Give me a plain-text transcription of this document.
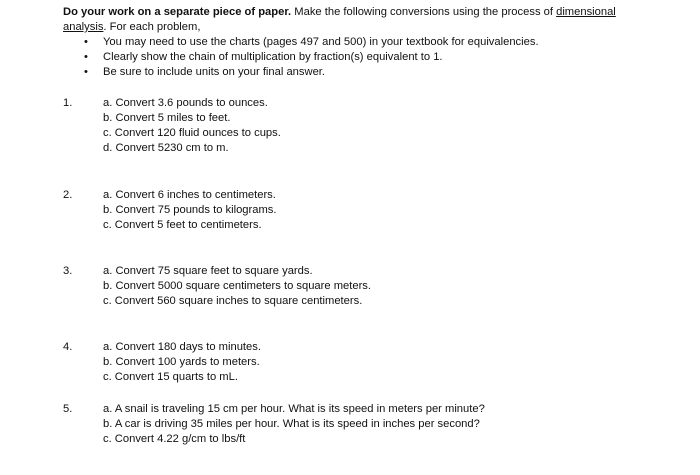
Do your work on a separate piece of paper. Make the following conversions using the process of dimensional
analysis. For each problem,
• You may need to use the charts (pages 497 and 500) in your textbook for equivalencies.
• Clearly show the chain of multiplication by fraction(s) equivalent to 1.
• Be sure to include units on your final answer.
1.	a. Convert 3.6 pounds to ounces.
b. Convert 5 miles to feet.
c. Convert 120 fluid ounces to cups.
d. Convert 5230 cm to m.
2.	a. Convert 6 inches to centimeters.
b. Convert 75 pounds to kilograms.
c. Convert 5 feet to centimeters.
3.	a. Convert 75 square feet to square yards.
b. Convert 5000 square centimeters to square meters.
c. Convert 560 square inches to square centimeters.
4.	a. Convert 180 days to minutes.
b. Convert 100 yards to meters.
c. Convert 15 quarts to mL.
5.	a. A snail is traveling 15 cm per hour. What is its speed in meters per minute?
b. A car is driving 35 miles per hour. What is its speed in inches per second?
c. Convert 4.22 g/cm to lbs/ft
